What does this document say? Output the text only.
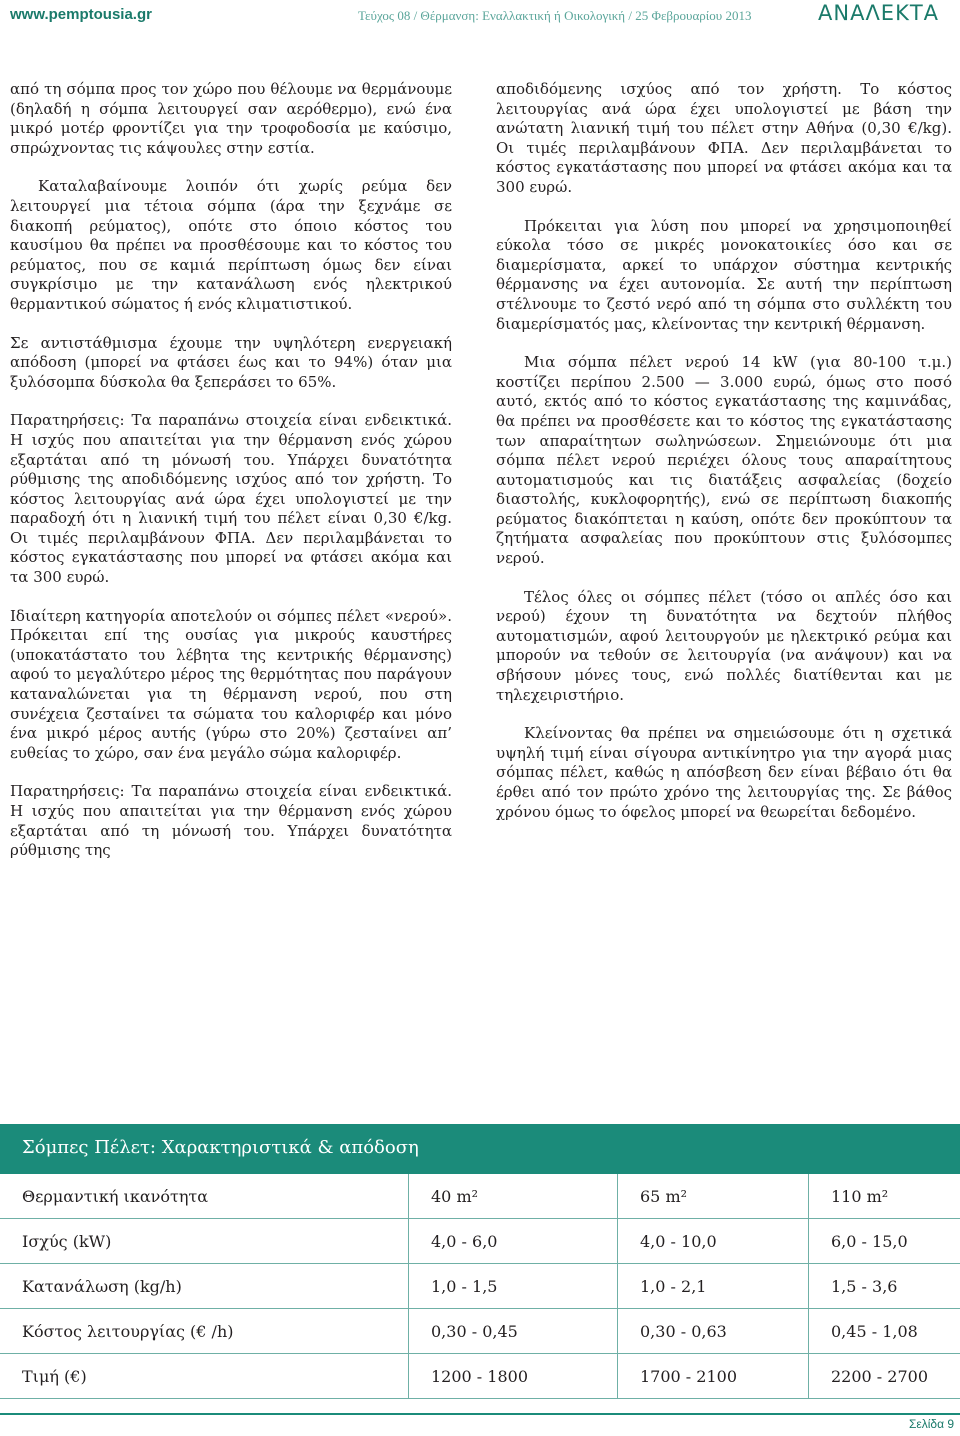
www.pemptousia.gr	Τεύχος 08 / Θέρμανση: Εναλλακτική ή Οικολογική / 25 Φεβρουαρίου 2013	ΑΝΑΛΕΚΤΑ

από τη σόμπα προς τον χώρο που θέλουμε να θερμάνουμε (δηλαδή η σόμπα λειτουργεί σαν αερόθερμο), ενώ ένα μικρό μοτέρ φροντίζει για την τροφοδοσία με καύσιμο, σπρώχνοντας τις κάψουλες στην εστία.

Καταλαβαίνουμε λοιπόν ότι χωρίς ρεύμα δεν λειτουργεί μια τέτοια σόμπα (άρα την ξεχνάμε σε διακοπή ρεύματος), οπότε στο όποιο κόστος του καυσίμου θα πρέπει να προσθέσουμε και το κόστος του ρεύματος, που σε καμιά περίπτωση όμως δεν είναι συγκρίσιμο με την κατανάλωση ενός ηλεκτρικού θερμαντικού σώματος ή ενός κλιματιστικού.

Σε αντιστάθμισμα έχουμε την υψηλότερη ενεργειακή απόδοση (μπορεί να φτάσει έως και το 94%) όταν μια ξυλόσομπα δύσκολα θα ξεπεράσει το 65%.

Παρατηρήσεις: Τα παραπάνω στοιχεία είναι ενδεικτικά. Η ισχύς που απαιτείται για την θέρμανση ενός χώρου εξαρτάται από τη μόνωσή του. Υπάρχει δυνατότητα ρύθμισης της αποδιδόμενης ισχύος από τον χρήστη. Το κόστος λειτουργίας ανά ώρα έχει υπολογιστεί με την παραδοχή ότι η λιανική τιμή του πέλετ είναι 0,30 €/kg. Οι τιμές περιλαμβάνουν ΦΠΑ. Δεν περιλαμβάνεται το κόστος εγκατάστασης που μπορεί να φτάσει ακόμα και τα 300 ευρώ.

Ιδιαίτερη κατηγορία αποτελούν οι σόμπες πέλετ «νερού». Πρόκειται επί της ουσίας για μικρούς καυστήρες (υποκατάστατο του λέβητα της κεντρικής θέρμανσης) αφού το μεγαλύτερο μέρος της θερμότητας που παράγουν καταναλώνεται για τη θέρμανση νερού, που στη συνέχεια ζεσταίνει τα σώματα του καλοριφέρ και μόνο ένα μικρό μέρος αυτής (γύρω στο 20%) ζεσταίνει απ’ ευθείας το χώρο, σαν ένα μεγάλο σώμα καλοριφέρ.

Παρατηρήσεις: Τα παραπάνω στοιχεία είναι ενδεικτικά. Η ισχύς που απαιτείται για την θέρμανση ενός χώρου εξαρτάται από τη μόνωσή του. Υπάρχει δυνατότητα ρύθμισης της

αποδιδόμενης ισχύος από τον χρήστη. Το κόστος λειτουργίας ανά ώρα έχει υπολογιστεί με βάση την ανώτατη λιανική τιμή του πέλετ στην Αθήνα (0,30 €/kg). Οι τιμές περιλαμβάνουν ΦΠΑ. Δεν περιλαμβάνεται το κόστος εγκατάστασης που μπορεί να φτάσει ακόμα και τα 300 ευρώ.

Πρόκειται για λύση που μπορεί να χρησιμοποιηθεί εύκολα τόσο σε μικρές μονοκατοικίες όσο και σε διαμερίσματα, αρκεί το υπάρχον σύστημα κεντρικής θέρμανσης να έχει αυτονομία. Σε αυτή την περίπτωση στέλνουμε το ζεστό νερό από τη σόμπα στο συλλέκτη του διαμερίσματός μας, κλείνοντας την κεντρική θέρμανση.

Μια σόμπα πέλετ νερού 14 kW (για 80-100 τ.μ.) κοστίζει περίπου 2.500 — 3.000 ευρώ, όμως στο ποσό αυτό, εκτός από το κόστος εγκατάστασης της καμινάδας, θα πρέπει να προσθέσετε και το κόστος της εγκατάστασης των απαραίτητων σωληνώσεων. Σημειώνουμε ότι μια σόμπα πέλετ νερού περιέχει όλους τους απαραίτητους αυτοματισμούς και τις διατάξεις ασφαλείας (δοχείο διαστολής, κυκλοφορητής), ενώ σε περίπτωση διακοπής ρεύματος διακόπτεται η καύση, οπότε δεν προκύπτουν τα ζητήματα ασφαλείας που προκύπτουν στις ξυλόσομπες νερού.

Τέλος όλες οι σόμπες πέλετ (τόσο οι απλές όσο και νερού) έχουν τη δυνατότητα να δεχτούν πλήθος αυτοματισμών, αφού λειτουργούν με ηλεκτρικό ρεύμα και μπορούν να τεθούν σε λειτουργία (να ανάψουν) και να σβήσουν μόνες τους, ενώ πολλές διατίθενται και με τηλεχειριστήριο.

Κλείνοντας θα πρέπει να σημειώσουμε ότι η σχετικά υψηλή τιμή είναι σίγουρα αντικίνητρο για την αγορά μιας σόμπας πέλετ, καθώς η απόσβεση δεν είναι βέβαιο ότι θα έρθει από τον πρώτο χρόνο της λειτουργίας της. Σε βάθος χρόνου όμως το όφελος μπορεί να θεωρείται δεδομένο.

Σόμπες Πέλετ: Χαρακτηριστικά & απόδοση
Θερμαντική ικανότητα	40 m²	65 m²	110 m²
Ισχύς (kW)	4,0 - 6,0	4,0 - 10,0	6,0 - 15,0
Κατανάλωση (kg/h)	1,0 - 1,5	1,0 - 2,1	1,5 - 3,6
Κόστος λειτουργίας (€ /h)	0,30 - 0,45	0,30 - 0,63	0,45 - 1,08
Τιμή (€)	1200 - 1800	1700 - 2100	2200 - 2700
Σελίδα 9
